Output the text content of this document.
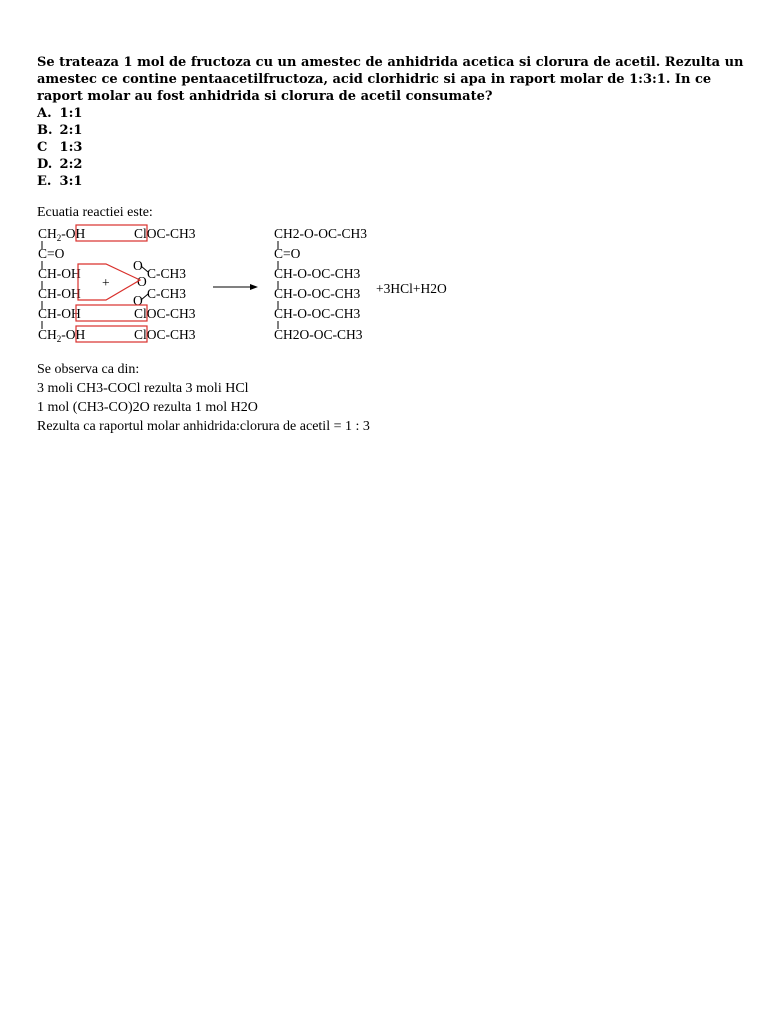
Se trateaza 1 mol de fructoza cu un amestec de anhidrida acetica si clorura de acetil. Rezulta un amestec ce contine pentaacetilfructoza, acid clorhidric si apa in raport molar de 1:3:1. In ce raport molar au fost anhidrida si clorura de acetil consumate?

A. 1:1
B. 2:1
C 1:3
D. 2:2
E. 3:1
Ecuatia reactiei este:
$CH_2-OH$
C=O
CH-OH
CH-OH
CH-OH
$CH_2-OH$
ClOC-CH3
ClOC-CH3
ClOC-CH3
O
O
O
C-CH3
C-CH3
+
CH2-O-OC-CH3
C=O
CH-O-OC-CH3
CH-O-OC-CH3
CH-O-OC-CH3
CH2O-OC-CH3
+3HCl+H2O
Se observa ca din:
3 moli CH3-COCl rezulta 3 moli HCl
1 mol (CH3-CO)2O rezulta 1 mol H2O
Rezulta ca raportul molar anhidrida:clorura de acetil = 1 : 3
